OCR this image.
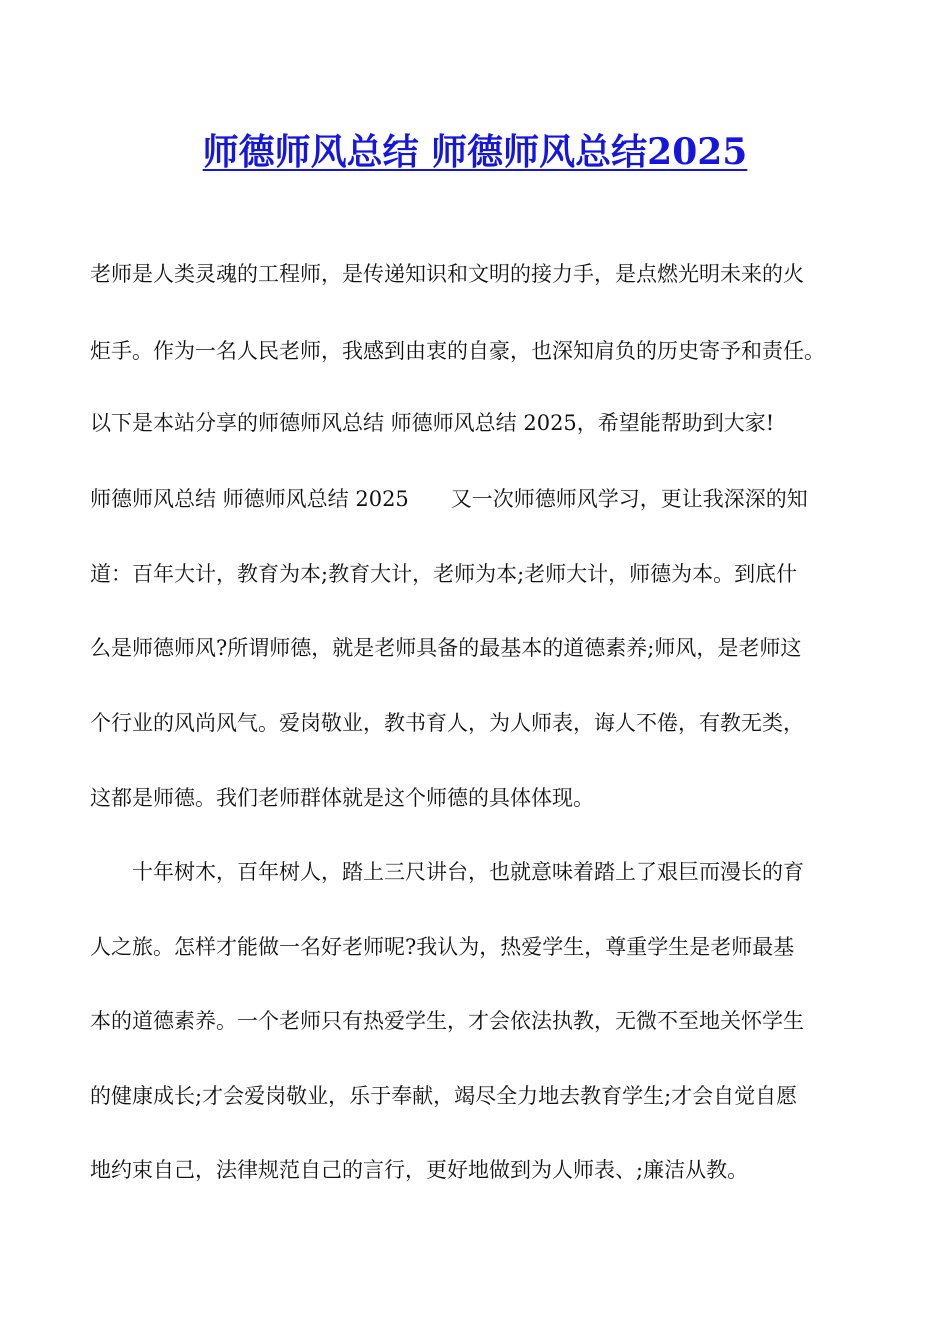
师德师风总结 师德师风总结2025
老师是人类灵魂的工程师，是传递知识和文明的接力手，是点燃光明未来的火
炬手。作为一名人民老师，我感到由衷的自豪，也深知肩负的历史寄予和责任。
以下是本站分享的师德师风总结 师德师风总结 2025，希望能帮助到大家!
师德师风总结 师德师风总结 2025　　又一次师德师风学习，更让我深深的知
道：百年大计，教育为本;教育大计，老师为本;老师大计，师德为本。到底什
么是师德师风?所谓师德，就是老师具备的最基本的道德素养;师风，是老师这
个行业的风尚风气。爱岗敬业，教书育人，为人师表，诲人不倦，有教无类，
这都是师德。我们老师群体就是这个师德的具体体现。
　　十年树木，百年树人，踏上三尺讲台，也就意味着踏上了艰巨而漫长的育
人之旅。怎样才能做一名好老师呢?我认为，热爱学生，尊重学生是老师最基
本的道德素养。一个老师只有热爱学生，才会依法执教，无微不至地关怀学生
的健康成长;才会爱岗敬业，乐于奉献，竭尽全力地去教育学生;才会自觉自愿
地约束自己，法律规范自己的言行，更好地做到为人师表、;廉洁从教。
